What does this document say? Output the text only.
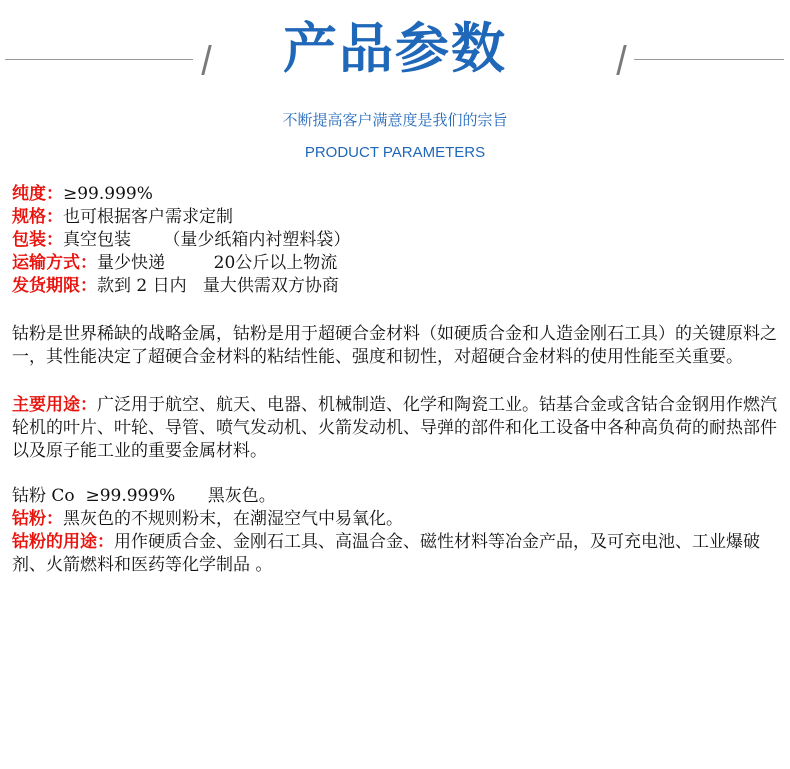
产品参数
不断提高客户满意度是我们的宗旨
PRODUCT PARAMETERS
纯度：≥99.999%
规格：也可根据客户需求定制
包装：真空包装      （量少纸箱内衬塑料袋）
运输方式：量少快递         20公斤以上物流
发货期限：款到 2 日内   量大供需双方协商

钴粉是世界稀缺的战略金属，钴粉是用于超硬合金材料（如硬质合金和人造金刚石工具）的关键原料之一，其性能决定了超硬合金材料的粘结性能、强度和韧性，对超硬合金材料的使用性能至关重要。

主要用途：广泛用于航空、航天、电器、机械制造、化学和陶瓷工业。钴基合金或含钴合金钢用作燃汽轮机的叶片、叶轮、导管、喷气发动机、火箭发动机、导弹的部件和化工设备中各种高负荷的耐热部件以及原子能工业的重要金属材料。

钴粉 Co  ≥99.999%      黑灰色。

钴粉：黑灰色的不规则粉末，在潮湿空气中易氧化。

钴粉的用途：用作硬质合金、金刚石工具、高温合金、磁性材料等冶金产品，及可充电池、工业爆破剂、火箭燃料和医药等化学制品 。
